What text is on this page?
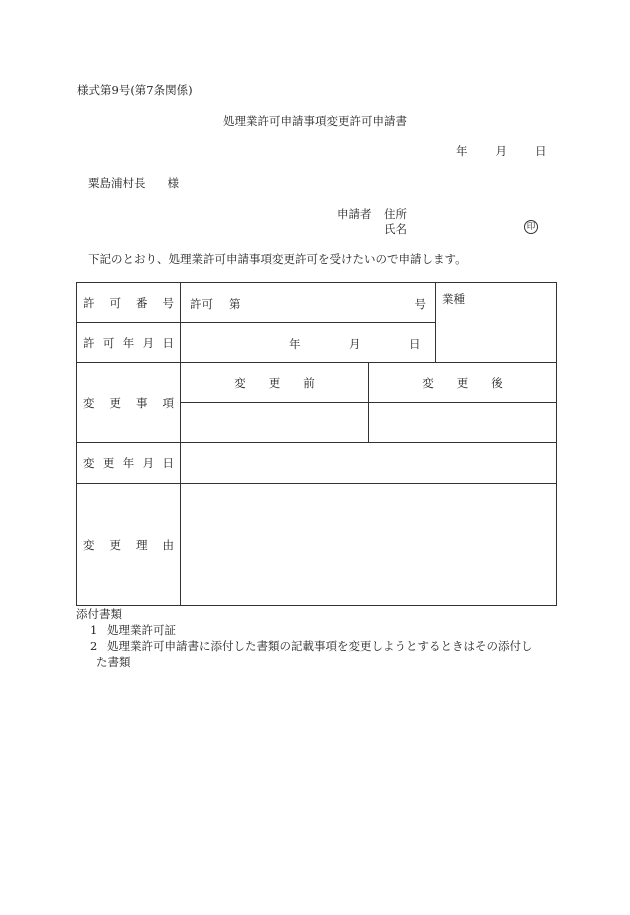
様式第9号(第7条関係)
処理業許可申請事項変更許可申請書
年 月 日
粟島浦村長 様
申請者 住所
氏名	印
下記のとおり、処理業許可申請事項変更許可を受けたいので申請します。
許可番号	許可 第 号		業種
許可年月日	年 月 日		

変更事項	変　　更　　前	変　　更　　後	

変更年月日			
変更理由			
添付書類
1 処理業許可証
2 処理業許可申請書に添付した書類の記載事項を変更しようとするときはその添付し
た書類
